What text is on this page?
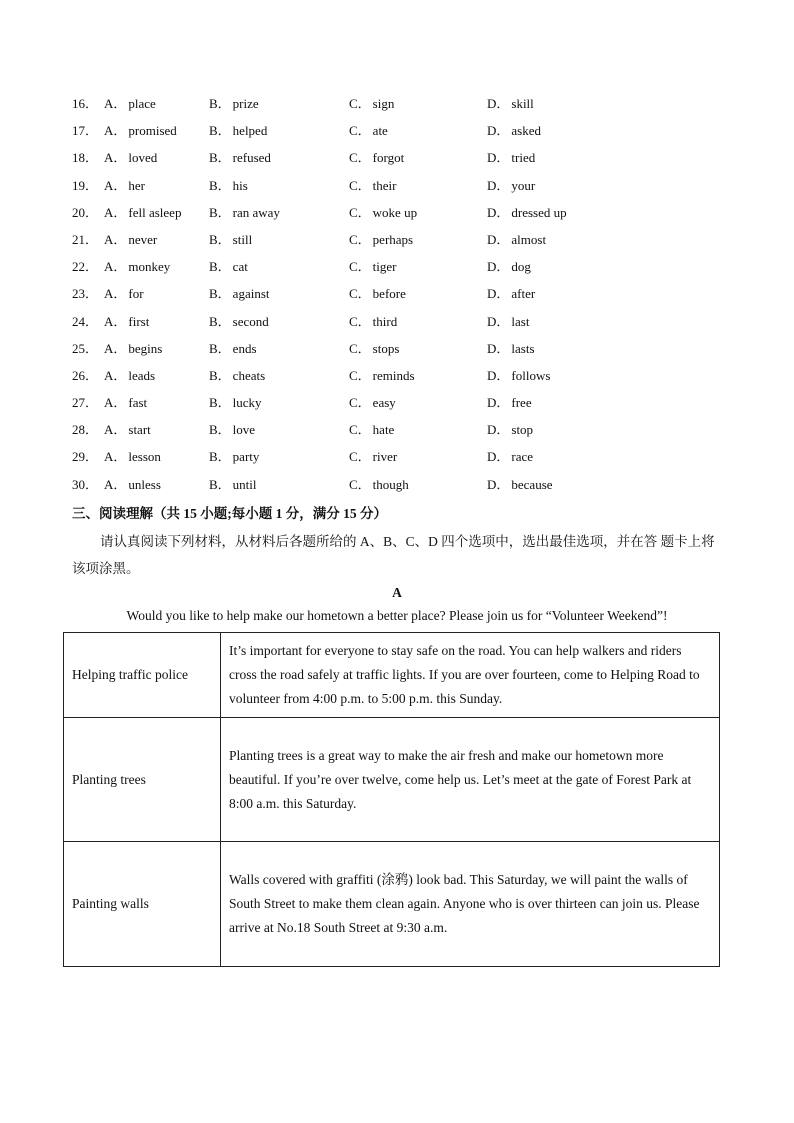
16． A． place	B． prize	C． sign	D． skill
17． A． promised B． helped	C． ate	D． asked
18． A． loved	B． refused	C． forgot	D． tried
19． A． her	B． his	C． their	D． your
20． A． fell asleep B． ran away	C． woke up	D． dressed up
21． A． never	B． still	C． perhaps	D． almost
22． A． monkey	B． cat	C． tiger	D． dog
23． A． for	B． against	C． before	D． after
24． A． first	B． second	C． third	D． last
25． A． begins	B． ends	C． stops	D． lasts
26． A． leads	B． cheats	C． reminds	D． follows
27． A． fast	B． lucky	C． easy	D． free
28． A． start	B． love	C． hate	D． stop
29． A． lesson	B． party	C． river	D． race
30． A． unless	B． until	C． though	D． because
三、阅读理解（共 15 小题;每小题 1 分，满分 15 分）
请认真阅读下列材料，从材料后各题所给的 A、B、C、D 四个选项中，选出最佳选项，并在答 题卡上将该项涂黑。
A
Would you like to help make our hometown a better place? Please join us for “Volunteer Weekend”!
Helping traffic police	It’s important for everyone to stay safe on the road. You can help walkers and riders cross the road safely at traffic lights. If you are over fourteen, come to Helping Road to volunteer from 4:00 p.m. to 5:00 p.m. this Sunday.
Planting trees	Planting trees is a great way to make the air fresh and make our hometown more beautiful. If you’re over twelve, come help us. Let’s meet at the gate of Forest Park at 8:00 a.m. this Saturday.
Painting walls	Walls covered with graffiti (涂鸦) look bad. This Saturday, we will paint the walls of South Street to make them clean again. Anyone who is over thirteen can join us. Please arrive at No.18 South Street at 9:30 a.m.
